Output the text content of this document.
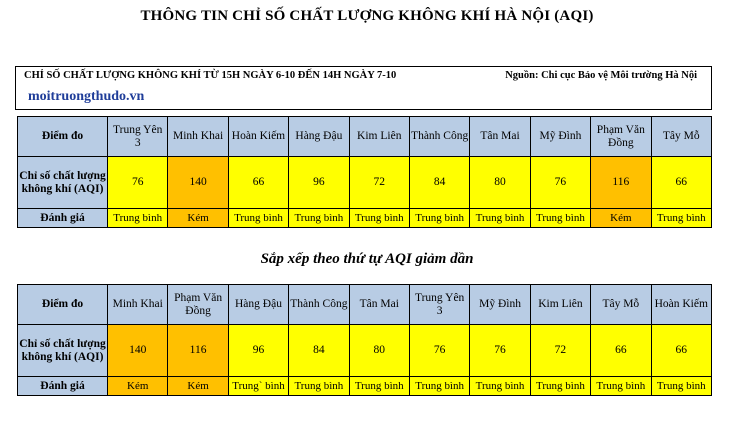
THÔNG TIN CHỈ SỐ CHẤT LƯỢNG KHÔNG KHÍ HÀ NỘI (AQI)
CHỈ SỐ CHẤT LƯỢNG KHÔNG KHÍ TỪ 15H NGÀY 6-10 ĐẾN 14H NGÀY 7-10	Nguồn: Chi cục Bảo vệ Môi trường Hà Nội
moitruongthudo.vn
Điểm đo	Trung Yên 3	Minh Khai	Hoàn Kiếm	Hàng Đậu	Kim Liên	Thành Công	Tân Mai	Mỹ Đình	Phạm Văn Đồng	Tây Mỗ
Chỉ số chất lượng không khí (AQI)	76	140	66	96	72	84	80	76	116	66
Đánh giá	Trung bình	Kém	Trung bình	Trung bình	Trung bình	Trung bình	Trung bình	Trung bình	Kém	Trung bình
Sắp xếp theo thứ tự AQI giảm dần
Điểm đo	Minh Khai	Phạm Văn Đồng	Hàng Đậu	Thành Công	Tân Mai	Trung Yên 3	Mỹ Đình	Kim Liên	Tây Mỗ	Hoàn Kiếm
Chỉ số chất lượng không khí (AQI)	140	116	96	84	80	76	76	72	66	66
Đánh giá	Kém	Kém	Trung` bình	Trung bình	Trung bình	Trung bình	Trung bình	Trung bình	Trung bình	Trung bình
